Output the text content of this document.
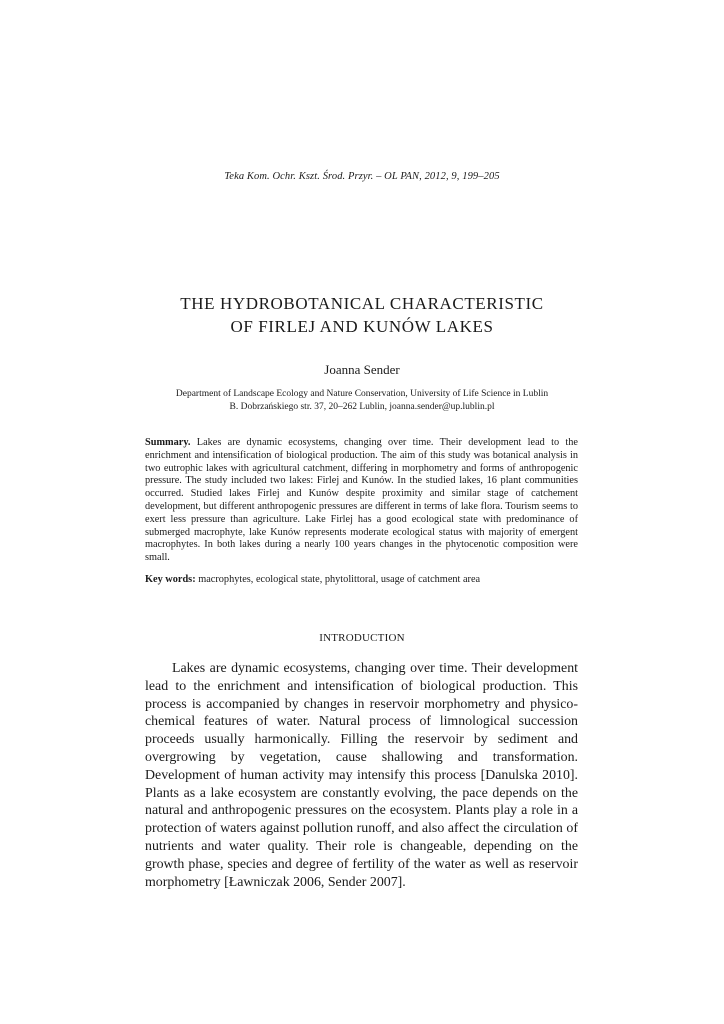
Teka Kom. Ochr. Kszt. Środ. Przyr. – OL PAN, 2012, 9, 199–205
THE HYDROBOTANICAL CHARACTERISTIC
OF FIRLEJ AND KUNÓW LAKES
Joanna Sender
Department of Landscape Ecology and Nature Conservation, University of Life Science in Lublin
B. Dobrzańskiego str. 37, 20–262 Lublin, joanna.sender@up.lublin.pl
Summary. Lakes are dynamic ecosystems, changing over time. Their development lead to the enrichment and intensification of biological production. The aim of this study was botanical analysis in two eutrophic lakes with agricultural catchment, differing in morphometry and forms of anthropogenic pressure. The study included two lakes: Firlej and Kunów. In the studied lakes, 16 plant communities occurred. Studied lakes Firlej and Kunów despite proximity and similar stage of catchement development, but different anthropogenic pressures are different in terms of lake flora. Tourism seems to exert less pressure than agriculture. Lake Firlej has a good ecological state with predominance of submerged macrophyte, lake Kunów represents moderate ecological status with majority of emergent macrophytes. In both lakes during a nearly 100 years changes in the phytocenotic composition were small.
Key words: macrophytes, ecological state, phytolittoral, usage of catchment area
INTRODUCTION
Lakes are dynamic ecosystems, changing over time. Their development lead to the enrichment and intensification of biological production. This process is accompanied by changes in reservoir morphometry and physico-chemical features of water. Natural process of limnological succession proceeds usually harmonically. Filling the reservoir by sediment and overgrowing by vegetation, cause shallowing and transformation. Development of human activity may intensify this process [Danulska 2010]. Plants as a lake ecosystem are constantly evolving, the pace depends on the natural and anthropogenic pressures on the ecosystem. Plants play a role in a protection of waters against pollution runoff, and also affect the circulation of nutrients and water quality. Their role is changeable, depending on the growth phase, species and degree of fertility of the water as well as reservoir morphometry [Ławniczak 2006, Sender 2007].
